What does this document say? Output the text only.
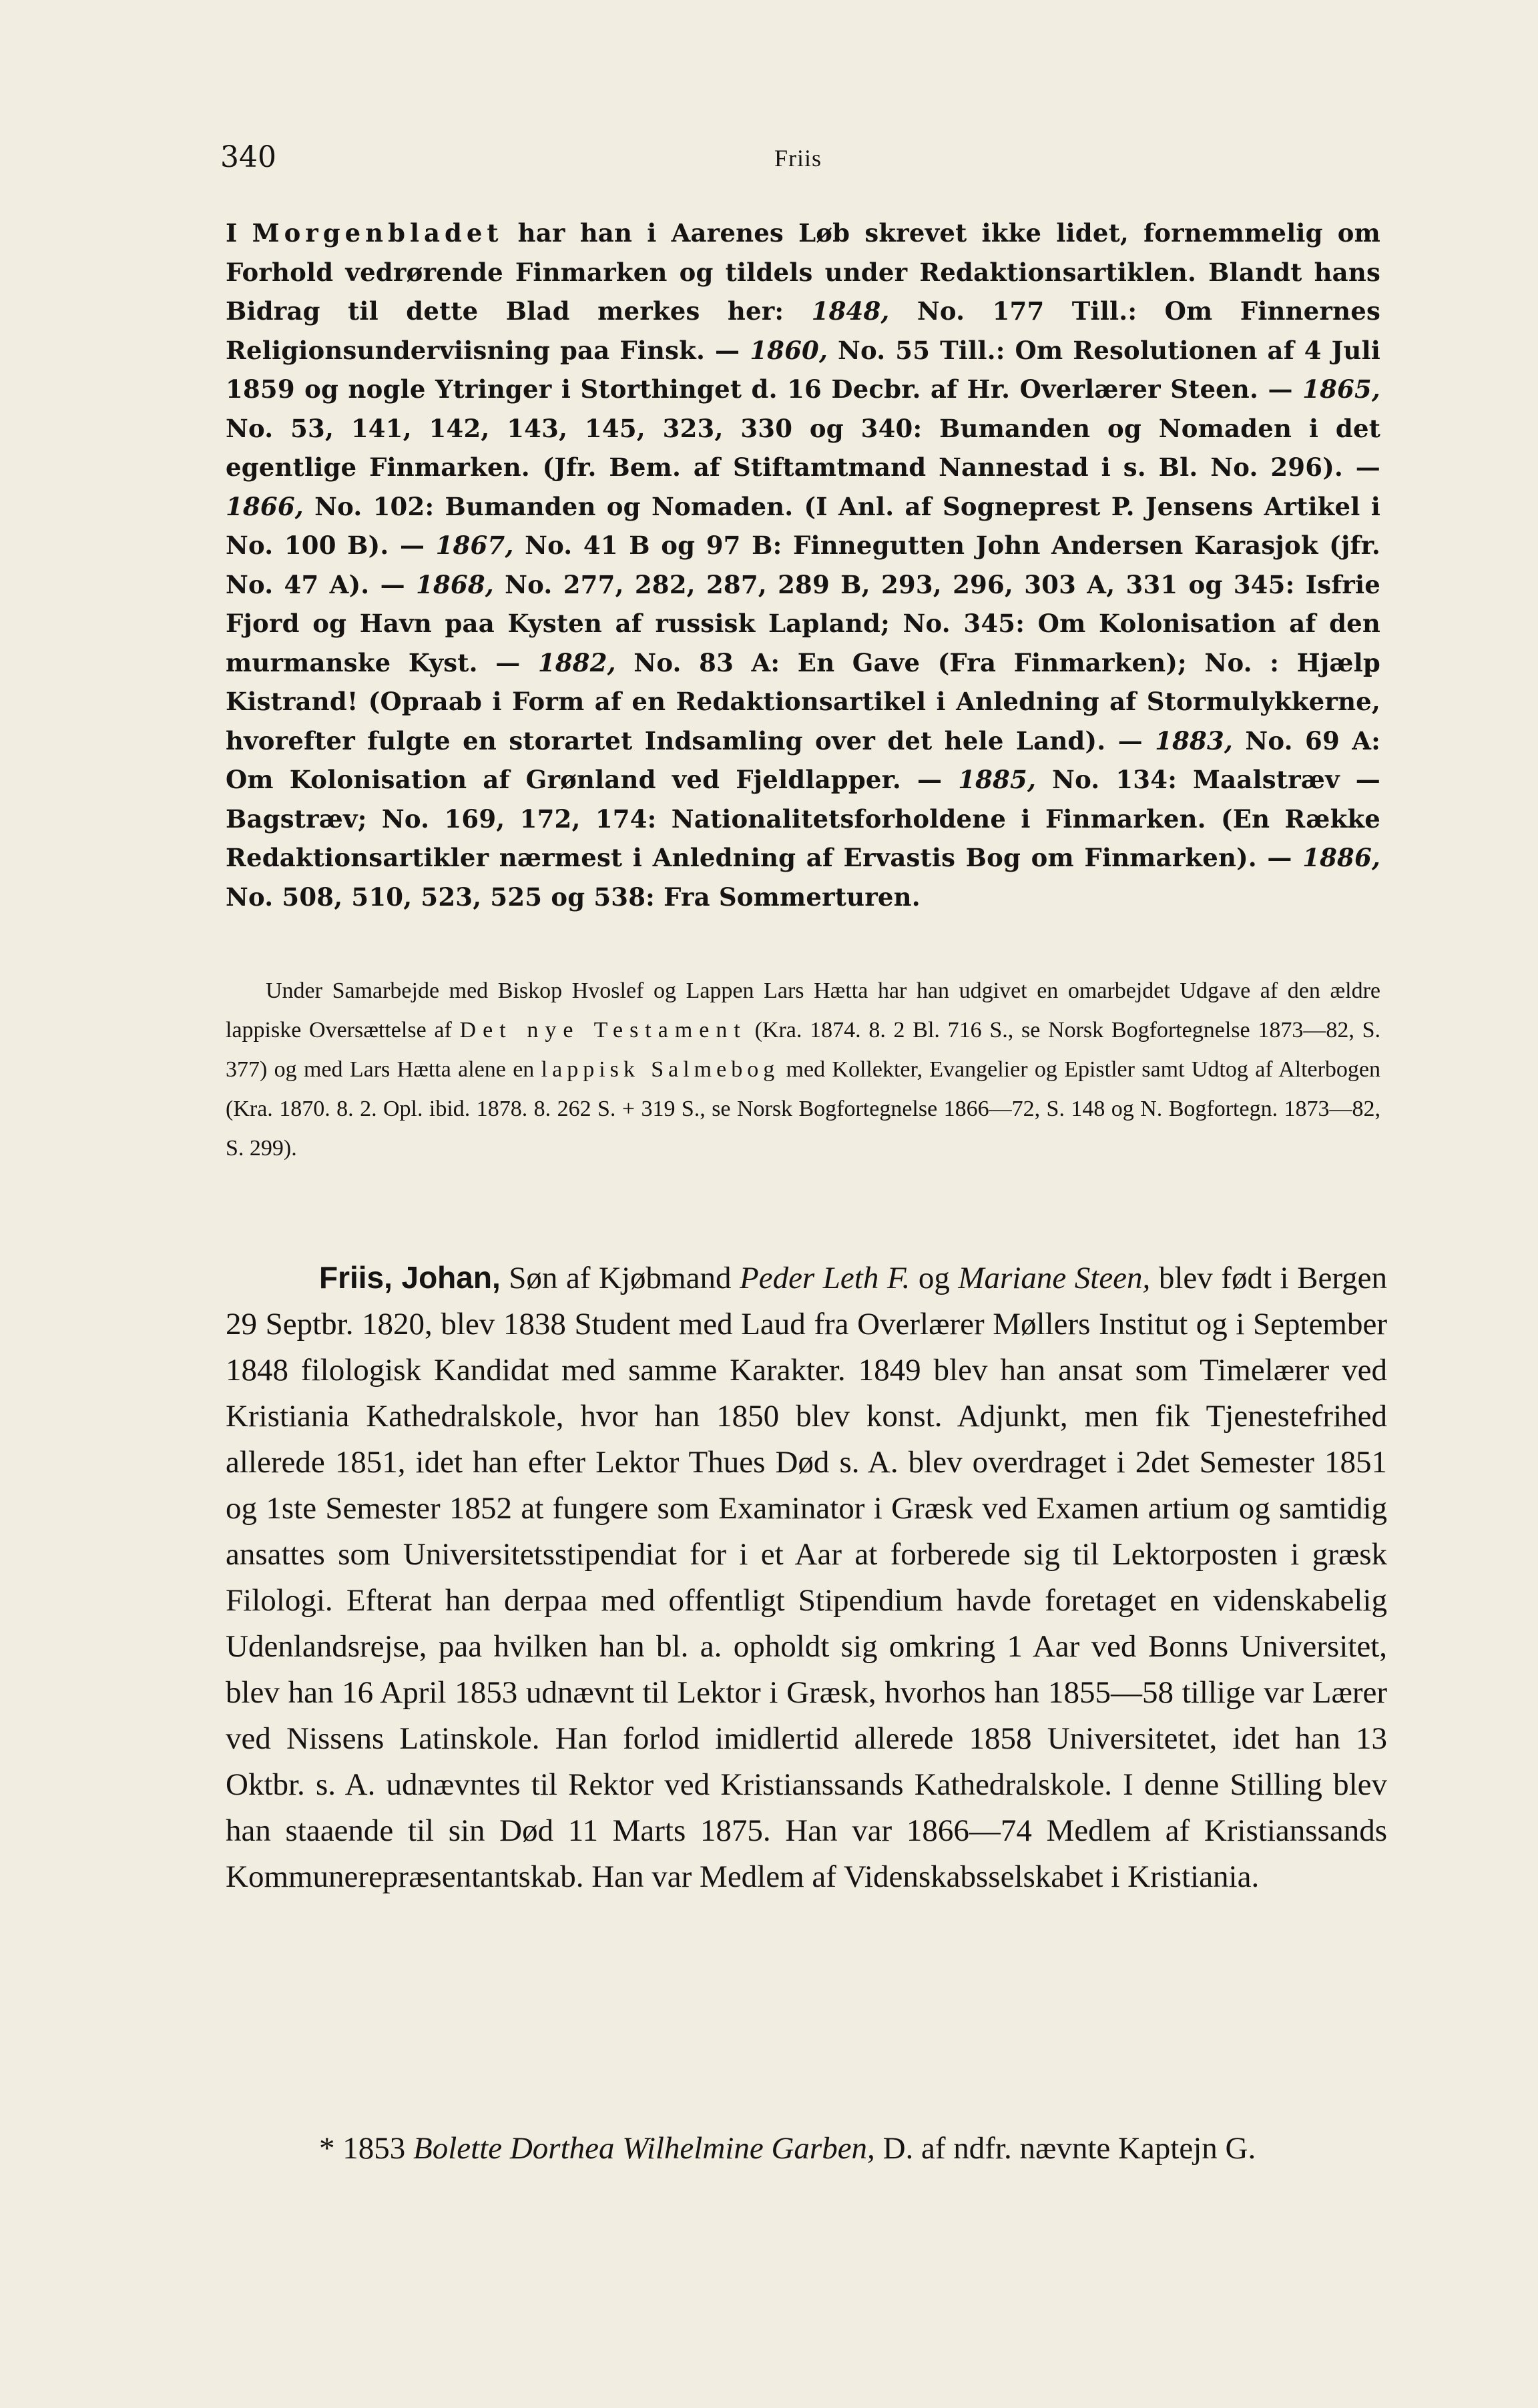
340	Friis

I Morgenbladet har han i Aarenes Løb skrevet ikke lidet, fornemmelig om Forhold vedrørende Finmarken og tildels under Redaktionsartiklen. Blandt hans Bidrag til dette Blad merkes her: 1848, No. 177 Till.: Om Finnernes Religionsunderviisning paa Finsk. — 1860, No. 55 Till.: Om Resolutionen af 4 Juli 1859 og nogle Ytringer i Storthinget d. 16 Decbr. af Hr. Overlærer Steen. — 1865, No. 53, 141, 142, 143, 145, 323, 330 og 340: Bumanden og Nomaden i det egentlige Finmarken. (Jfr. Bem. af Stiftamtmand Nannestad i s. Bl. No. 296). — 1866, No. 102: Bumanden og Nomaden. (I Anl. af Sogneprest P. Jensens Artikel i No. 100 B). — 1867, No. 41 B og 97 B: Finnegutten John Andersen Karasjok (jfr. No. 47 A). — 1868, No. 277, 282, 287, 289 B, 293, 296, 303 A, 331 og 345: Isfrie Fjord og Havn paa Kysten af russisk Lapland; No. 345: Om Kolonisation af den murmanske Kyst. — 1882, No. 83 A: En Gave (Fra Finmarken); No. : Hjælp Kistrand! (Opraab i Form af en Redaktionsartikel i Anledning af Stormulykkerne, hvorefter fulgte en storartet Indsamling over det hele Land). — 1883, No. 69 A: Om Kolonisation af Grønland ved Fjeldlapper. — 1885, No. 134: Maalstræv — Bagstræv; No. 169, 172, 174: Nationalitetsforholdene i Finmarken. (En Række Redaktionsartikler nærmest i Anledning af Ervastis Bog om Finmarken). — 1886, No. 508, 510, 523, 525 og 538: Fra Sommerturen.

Under Samarbejde med Biskop Hvoslef og Lappen Lars Hætta har han udgivet en omarbejdet Udgave af den ældre lappiske Oversættelse af Det nye Testament (Kra. 1874. 8. 2 Bl. 716 S., se Norsk Bogfortegnelse 1873—82, S. 377) og med Lars Hætta alene en lappisk Salmebog med Kollekter, Evangelier og Epistler samt Udtog af Alterbogen (Kra. 1870. 8. 2. Opl. ibid. 1878. 8. 262 S. + 319 S., se Norsk Bogfortegnelse 1866—72, S. 148 og N. Bogfortegn. 1873—82, S. 299).

Friis, Johan, Søn af Kjøbmand Peder Leth F. og Mariane Steen, blev født i Bergen 29 Septbr. 1820, blev 1838 Student med Laud fra Overlærer Møllers Institut og i September 1848 filologisk Kandidat med samme Karakter. 1849 blev han ansat som Timelærer ved Kristiania Kathedralskole, hvor han 1850 blev konst. Adjunkt, men fik Tjenestefrihed allerede 1851, idet han efter Lektor Thues Død s. A. blev overdraget i 2det Semester 1851 og 1ste Semester 1852 at fungere som Examinator i Græsk ved Examen artium og samtidig ansattes som Universitetsstipendiat for i et Aar at forberede sig til Lektorposten i græsk Filologi. Efterat han derpaa med offentligt Stipendium havde foretaget en videnskabelig Udenlandsrejse, paa hvilken han bl. a. opholdt sig omkring 1 Aar ved Bonns Universitet, blev han 16 April 1853 udnævnt til Lektor i Græsk, hvorhos han 1855—58 tillige var Lærer ved Nissens Latinskole. Han forlod imidlertid allerede 1858 Universitetet, idet han 13 Oktbr. s. A. udnævntes til Rektor ved Kristianssands Kathedralskole. I denne Stilling blev han staaende til sin Død 11 Marts 1875. Han var 1866—74 Medlem af Kristianssands Kommunerepræsentantskab. Han var Medlem af Videnskabsselskabet i Kristiania.

* 1853 Bolette Dorthea Wilhelmine Garben, D. af ndfr. nævnte Kaptejn G.
